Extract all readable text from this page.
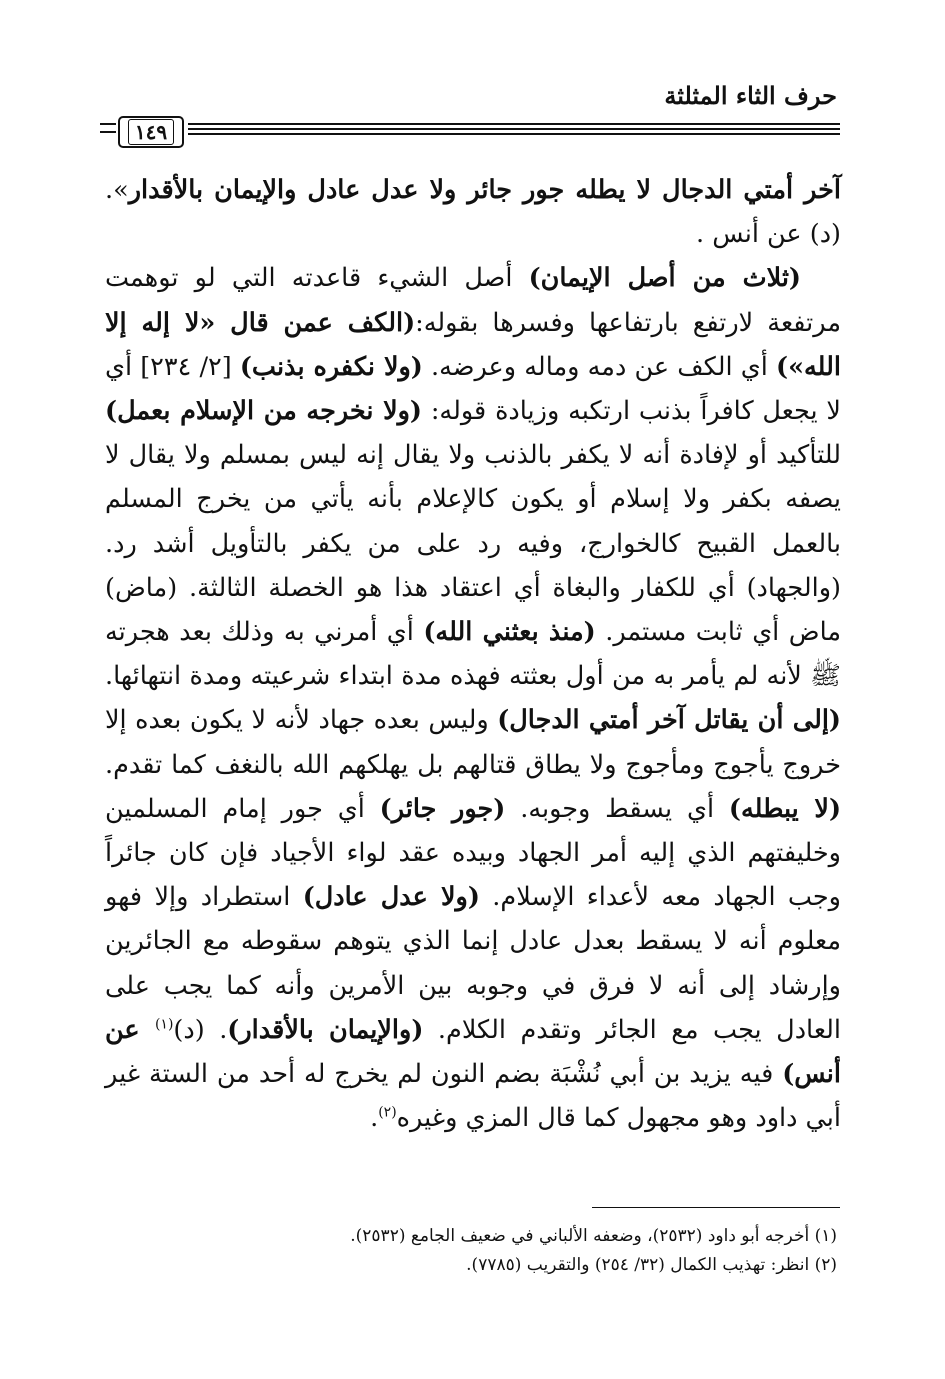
حرف الثاء المثلثة
١٤٩

آخر أمتي الدجال لا يطله جور جائر ولا عدل عادل والإيمان بالأقدار». (د) عن أنس .

(ثلاث من أصل الإيمان) أصل الشيء قاعدته التي لو توهمت مرتفعة لارتفع بارتفاعها وفسرها بقوله:(الكف عمن قال «لا إله إلا الله») أي الكف عن دمه وماله وعرضه. (ولا نكفره بذنب) [٢/ ٢٣٤] أي لا يجعل كافراً بذنب ارتكبه وزيادة قوله: (ولا نخرجه من الإسلام بعمل) للتأكيد أو لإفادة أنه لا يكفر بالذنب ولا يقال إنه ليس بمسلم ولا يقال لا يصفه بكفر ولا إسلام أو يكون كالإعلام بأنه يأتي من يخرج المسلم بالعمل القبيح كالخوارج، وفيه رد على من يكفر بالتأويل أشد رد. (والجهاد) أي للكفار والبغاة أي اعتقاد هذا هو الخصلة الثالثة. (ماض) ماض أي ثابت مستمر. (منذ بعثني الله) أي أمرني به وذلك بعد هجرته ﷺ لأنه لم يأمر به من أول بعثته فهذه مدة ابتداء شرعيته ومدة انتهائها. (إلى أن يقاتل آخر أمتي الدجال) وليس بعده جهاد لأنه لا يكون بعده إلا خروج يأجوج ومأجوج ولا يطاق قتالهم بل يهلكهم الله بالنغف كما تقدم. (لا يبطله) أي يسقط وجوبه. (جور جائر) أي جور إمام المسلمين وخليفتهم الذي إليه أمر الجهاد وبيده عقد لواء الأجياد فإن كان جائراً وجب الجهاد معه لأعداء الإسلام. (ولا عدل عادل) استطراد وإلا فهو معلوم أنه لا يسقط بعدل عادل إنما الذي يتوهم سقوطه مع الجائرين وإرشاد إلى أنه لا فرق في وجوبه بين الأمرين وأنه كما يجب على العادل يجب مع الجائر وتقدم الكلام. (والإيمان بالأقدار). (د)$^{(١)}$ عن أنس) فيه يزيد بن أبي نُشْبَة بضم النون لم يخرج له أحد من الستة غير أبي داود وهو مجهول كما قال المزي وغيره$^{(٢)}$.

(١) أخرجه أبو داود (٢٥٣٢)، وضعفه الألباني في ضعيف الجامع (٢٥٣٢).

(٢) انظر: تهذيب الكمال (٣٢/ ٢٥٤) والتقريب (٧٧٨٥).
